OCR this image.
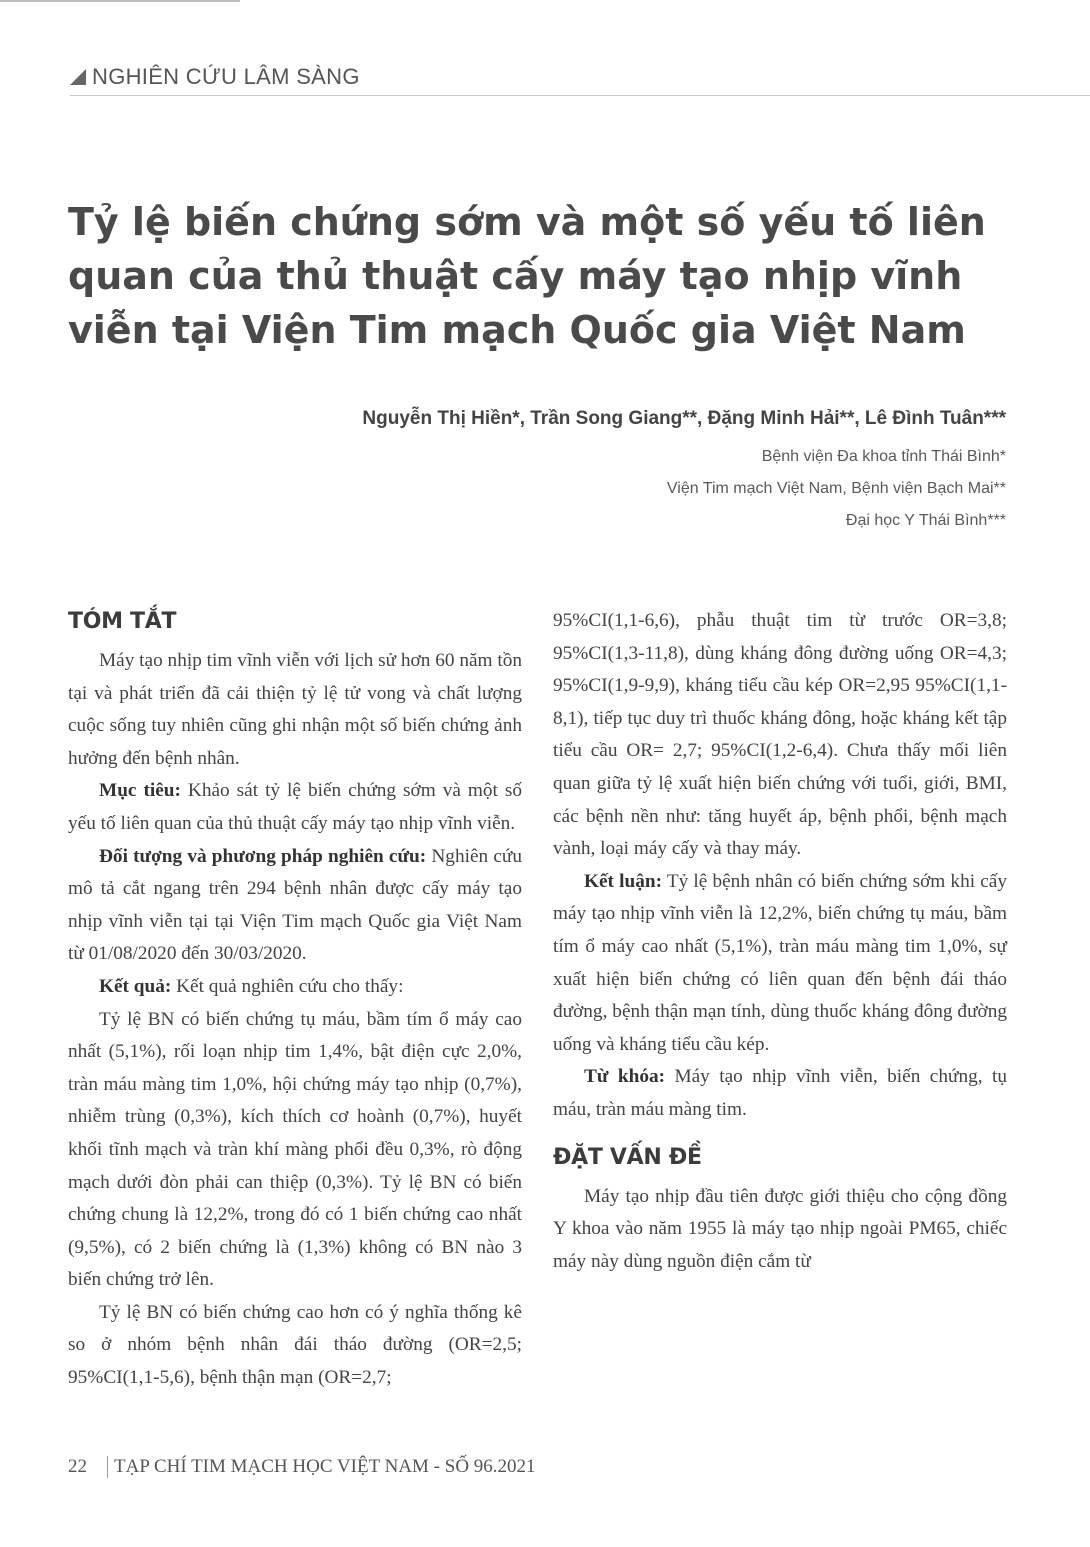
NGHIÊN CỨU LÂM SÀNG
Tỷ lệ biến chứng sớm và một số yếu tố liên quan của thủ thuật cấy máy tạo nhịp vĩnh viễn tại Viện Tim mạch Quốc gia Việt Nam
Nguyễn Thị Hiền*, Trần Song Giang**, Đặng Minh Hải**, Lê Đình Tuân***
Bệnh viện Đa khoa tỉnh Thái Bình*
Viện Tim mạch Việt Nam, Bệnh viện Bạch Mai**
Đại học Y Thái Bình***
TÓM TẮT

Máy tạo nhịp tim vĩnh viễn với lịch sử hơn 60 năm tồn tại và phát triển đã cải thiện tỷ lệ tử vong và chất lượng cuộc sống tuy nhiên cũng ghi nhận một số biến chứng ảnh hưởng đến bệnh nhân.

Mục tiêu: Khảo sát tỷ lệ biến chứng sớm và một số yếu tố liên quan của thủ thuật cấy máy tạo nhịp vĩnh viễn.

Đối tượng và phương pháp nghiên cứu: Nghiên cứu mô tả cắt ngang trên 294 bệnh nhân được cấy máy tạo nhịp vĩnh viễn tại tại Viện Tim mạch Quốc gia Việt Nam từ 01/08/2020 đến 30/03/2020.

Kết quả: Kết quả nghiên cứu cho thấy:

Tỷ lệ BN có biến chứng tụ máu, bầm tím ổ máy cao nhất (5,1%), rối loạn nhịp tim 1,4%, bật điện cực 2,0%, tràn máu màng tim 1,0%, hội chứng máy tạo nhịp (0,7%), nhiễm trùng (0,3%), kích thích cơ hoành (0,7%), huyết khối tĩnh mạch và tràn khí màng phổi đều 0,3%, rò động mạch dưới đòn phải can thiệp (0,3%). Tỷ lệ BN có biến chứng chung là 12,2%, trong đó có 1 biến chứng cao nhất (9,5%), có 2 biến chứng là (1,3%) không có BN nào 3 biến chứng trở lên.

Tỷ lệ BN có biến chứng cao hơn có ý nghĩa thống kê so ở nhóm bệnh nhân đái tháo đường (OR=2,5; 95%CI(1,1-5,6), bệnh thận mạn (OR=2,7;

95%CI(1,1-6,6), phẫu thuật tim từ trước OR=3,8; 95%CI(1,3-11,8), dùng kháng đông đường uống OR=4,3; 95%CI(1,9-9,9), kháng tiểu cầu kép OR=2,95 95%CI(1,1-8,1), tiếp tục duy trì thuốc kháng đông, hoặc kháng kết tập tiểu cầu OR= 2,7; 95%CI(1,2-6,4). Chưa thấy mối liên quan giữa tỷ lệ xuất hiện biến chứng với tuổi, giới, BMI, các bệnh nền như: tăng huyết áp, bệnh phổi, bệnh mạch vành, loại máy cấy và thay máy.

Kết luận: Tỷ lệ bệnh nhân có biến chứng sớm khi cấy máy tạo nhịp vĩnh viễn là 12,2%, biến chứng tụ máu, bầm tím ổ máy cao nhất (5,1%), tràn máu màng tim 1,0%, sự xuất hiện biến chứng có liên quan đến bệnh đái tháo đường, bệnh thận mạn tính, dùng thuốc kháng đông đường uống và kháng tiểu cầu kép.

Từ khóa: Máy tạo nhịp vĩnh viễn, biến chứng, tụ máu, tràn máu màng tim.

ĐẶT VẤN ĐỀ

Máy tạo nhịp đầu tiên được giới thiệu cho cộng đồng Y khoa vào năm 1955 là máy tạo nhịp ngoài PM65, chiếc máy này dùng nguồn điện cắm từ

22 TẠP CHÍ TIM MẠCH HỌC VIỆT NAM - SỐ 96.2021
